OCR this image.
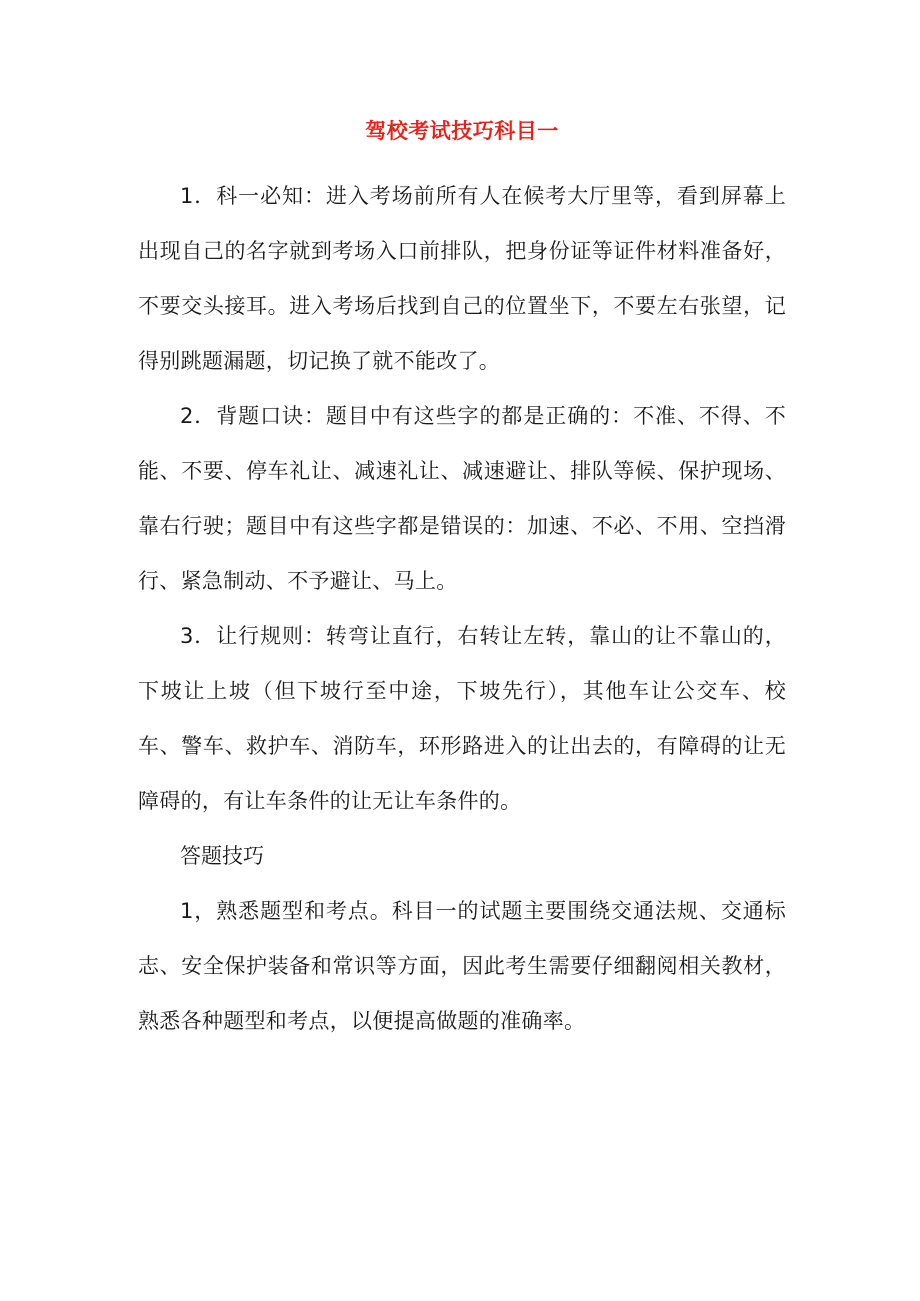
驾校考试技巧科目一

1．科一必知：进入考场前所有人在候考大厅里等，看到屏幕上出现自己的名字就到考场入口前排队，把身份证等证件材料准备好，不要交头接耳。进入考场后找到自己的位置坐下，不要左右张望，记得别跳题漏题，切记换了就不能改了。

2．背题口诀：题目中有这些字的都是正确的：不准、不得、不能、不要、停车礼让、减速礼让、减速避让、排队等候、保护现场、靠右行驶；题目中有这些字都是错误的：加速、不必、不用、空挡滑行、紧急制动、不予避让、马上。

3．让行规则：转弯让直行，右转让左转，靠山的让不靠山的，下坡让上坡（但下坡行至中途，下坡先行），其他车让公交车、校车、警车、救护车、消防车，环形路进入的让出去的，有障碍的让无障碍的，有让车条件的让无让车条件的。

答题技巧

1，熟悉题型和考点。科目一的试题主要围绕交通法规、交通标志、安全保护装备和常识等方面，因此考生需要仔细翻阅相关教材，熟悉各种题型和考点，以便提高做题的准确率。
